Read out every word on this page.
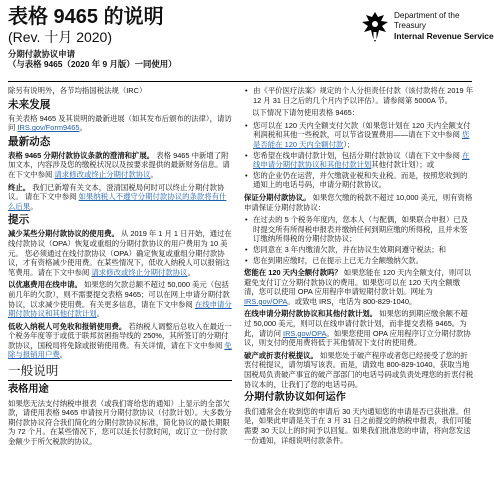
表格 9465 的说明
(Rev. 十月 2020)
分期付款协议申请
（与表格 9465（2020 年 9 月版）一同使用）
Department of the
Treasury
Internal Revenue Service

除另有说明外，各节均指国税法规（IRC）

未来发展

有关表格 9465 及其说明的最新进展（如其发布后颁布的法律），请访问 IRS.gov/Form9465。

最新动态

表格 9465 分期付款协议条款的澄清和扩展。 表格 9465 中新增了附加文本，内容涉及您的缴税状况以及按要求提供的最新财务信息。请在下文中参阅 请求修改或终止分期付款协议。

终止。 我们已新增有关文本，澄清国税局何时可以终止分期付款协议。 请在下文中参阅 如果纳税人不遵守分期付款协议的条款将有什么后果。

提示

减少某些分期付款协议的使用费。 从 2019 年 1 月 1 日开始，通过在线付款协议（OPA）恢复或重组的分期付款协议的用户费用为 10 美元。 您必须通过在线付款协议（OPA）确定恢复或重组分期付款协议，才有资格减少使用费。在某些情况下，低收入纳税人可以报销这笔费用。请在下文中参阅 请求修改或终止分期付款协议。

以优惠费用在线申请。 如果您的欠款总额不超过 50,000 美元（包括前几年的欠款），则不需要提交表格 9465；可以在网上申请分期付款协议，以求减少使用费。有关更多信息，请在下文中参阅 在线申请分期付款协议和其他付款计划。

低收入纳税人可免收和报销使用费。 若纳税人调整后总收入在最近一个税务年度等于或低于联邦贫困指导线的 250%，其所签订的分期付款协议，国税局将免除或报销使用费。有关详情，请在下文中参阅 免除与报销用户费。

一般说明
表格用途

如果您无法支付纳税申报表（或我们寄给您的通知）上显示的全部欠款，请使用表格 9465 申请按月分期付款协议（付款计划）。大多数分期付款协议符合我们简化的分期付款协议标准，简化协议的最长期限为 72 个月。在某些情况下，您可以延长付款时间，或订立一份付款金额少于所欠税款的协议。

• 由《平价医疗法案》规定的个人分担责任付款（该付款将在 2019 年 12 月 31 日之后的几个月内予以评估）。请参阅第 5000A 节。

以下情况下请勿使用表格 9465：

• 您可以在 120 天内全额支付欠款（如果您计划在 120 天内全额支付利润税和其他一些税款，可以节省设置费用——请在下文中参阅 您是否能在 120 天内全额付款）；
• 您希望在线申请付款计划，包括分期付款协议（请在下文中参阅 在线申请分期付款协议和其他付款计划其他付款计划）；或
• 您的企业仍在运营，并欠缴就业税和失业税。而是，按照您收到的通知上的电话号码，申请分期付款协议。

保证分期付款协议。 如果您欠缴的税款不超过 10,000 美元，则有资格申请保证分期付款协议：

• 在过去的 5 个税务年度内，您本人（与配偶，如果联合申报）已及时提交所有所得税申报表并缴纳任何到期应缴的所得税，且并未签订缴纳所得税的分期付款协议；
• 您同意在 3 年内缴清欠款，并在协议生效期间遵守税法；和
• 您在到期应缴时，已在提示上已无力全额缴纳欠款。

您能在 120 天内全额付款吗？ 如果您能在 120 天内全额支付，则可以避免支付订立分期付款协议的费用。如果您可以在 120 天内全额缴清，您可以使用 OPA 应用程序申请短期付款计划。网址为 IRS.gov/OPA。或致电 IRS，电话为 800-829-1040。

在线申请分期付款协议和其他付款计划。 如果您的到期应缴余额不超过 50,000 美元，则可以在线申请付款计划，而非提交表格 9465。为此，请访问 IRS.gov/OPA。如果您使用 OPA 应用程序订立分期付款协议，则支付的使用费将低于其他情况下支付的使用费。

破产或折衷付税提议。 如果您处于破产程序或者您已经接受了您的折衷付税提议，请勿填写该表。而是，请致电 800-829-1040。获取当地国税局负责破产事宜的破产部部门的电话号码或负责处理您的折衷付税协议本的，让我们了您的电话号码。

分期付款协议如何运作

我们通常会在收到您的申请后 30 天内通知您的申请是否已获批准。但是，如果此申请是关于在 3 月 31 日之前提交的纳税申报表，我们可能需要 30 天以上的时间予以回复。如果我们批准您的申请，将向您发送一份通知，详细说明付款条件。
